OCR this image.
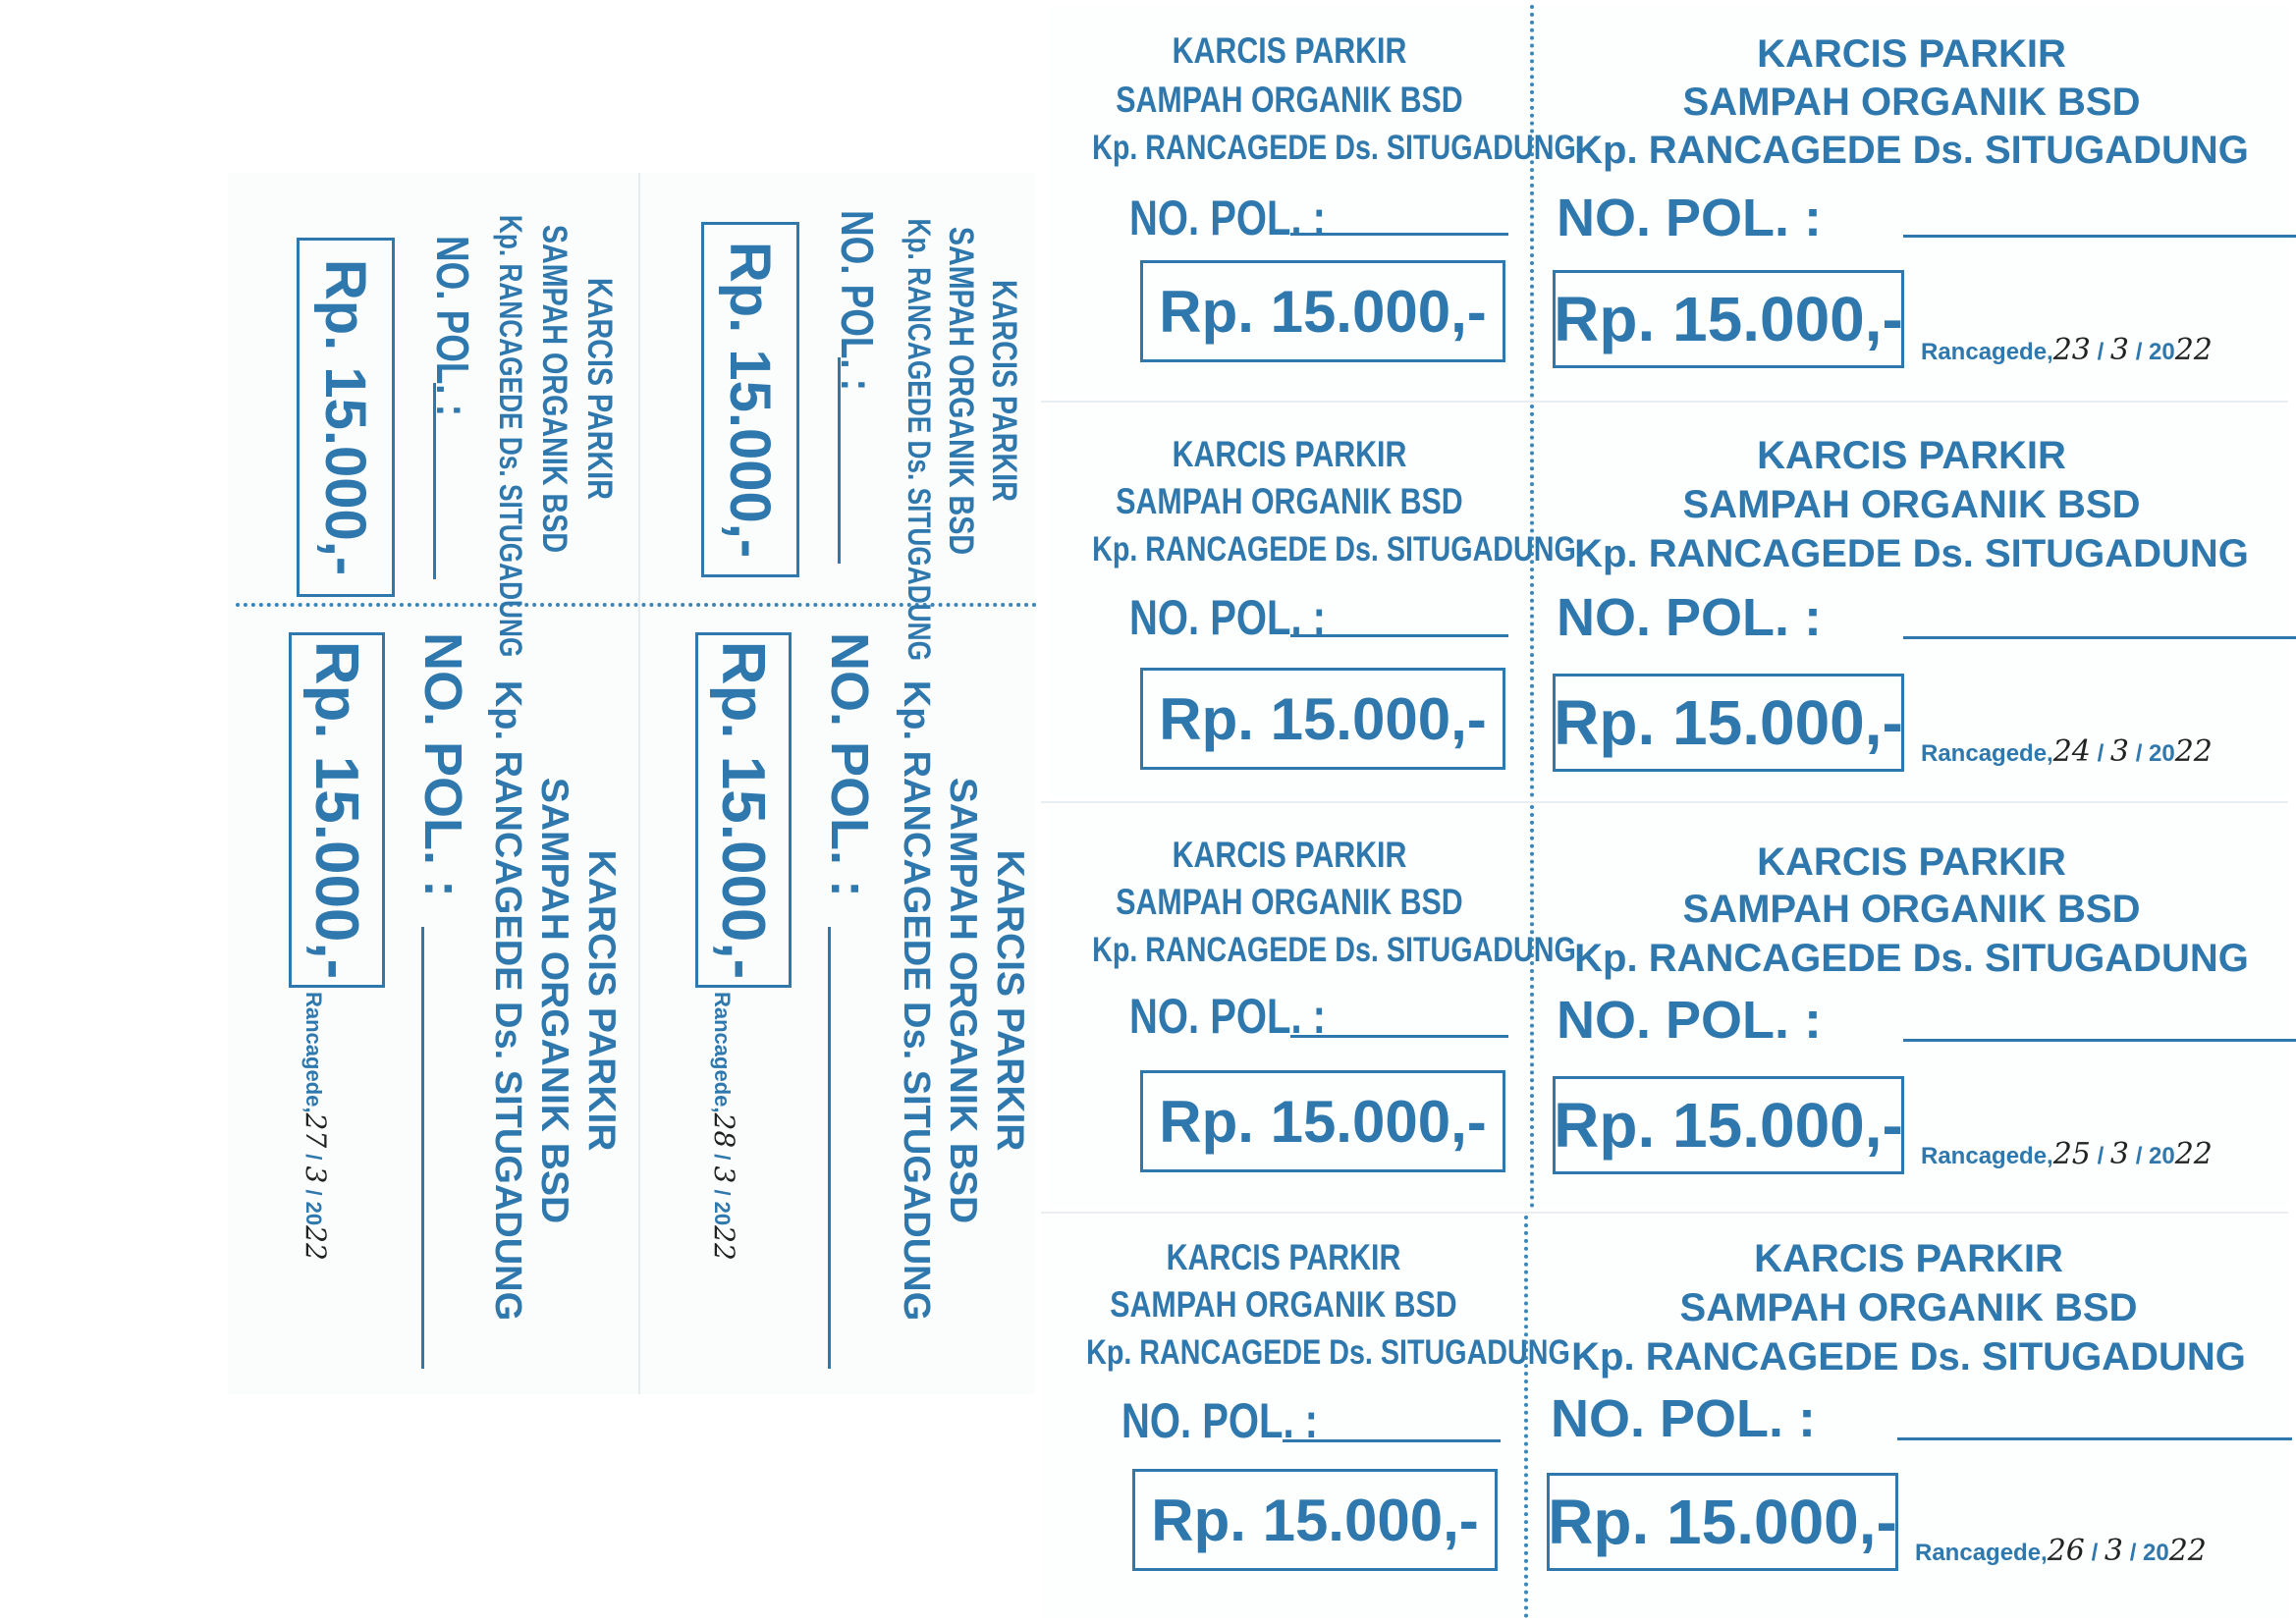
KARCIS PARKIR
SAMPAH ORGANIK BSD
Kp. RANCAGEDE Ds. SITUGADUNG
NO. POL. :
Rp. 15.000,-
KARCIS PARKIR
SAMPAH ORGANIK BSD
Kp. RANCAGEDE Ds. SITUGADUNG
NO. POL. :
Rp. 15.000,- Rancagede,23 / 3 / 2022
KARCIS PARKIR
SAMPAH ORGANIK BSD
Kp. RANCAGEDE Ds. SITUGADUNG
NO. POL. :
Rp. 15.000,-
KARCIS PARKIR
SAMPAH ORGANIK BSD
Kp. RANCAGEDE Ds. SITUGADUNG
NO. POL. :
Rp. 15.000,- Rancagede,24 / 3 / 2022
KARCIS PARKIR
SAMPAH ORGANIK BSD
Kp. RANCAGEDE Ds. SITUGADUNG
NO. POL. :
Rp. 15.000,-
KARCIS PARKIR
SAMPAH ORGANIK BSD
Kp. RANCAGEDE Ds. SITUGADUNG
NO. POL. :
Rp. 15.000,- Rancagede,25 / 3 / 2022
KARCIS PARKIR
SAMPAH ORGANIK BSD
Kp. RANCAGEDE Ds. SITUGADUNG
NO. POL. :
Rp. 15.000,-
KARCIS PARKIR
SAMPAH ORGANIK BSD
Kp. RANCAGEDE Ds. SITUGADUNG
NO. POL. :
Rp. 15.000,- Rancagede,26 / 3 / 2022
KARCIS PARKIR
SAMPAH ORGANIK BSD
Kp. RANCAGEDE Ds. SITUGADUNG
NO. POL. :
Rp. 15.000,-	KARCIS PARKIR
SAMPAH ORGANIK BSD
Kp. RANCAGEDE Ds. SITUGADUNG
NO. POL. :
Rp. 15.000,-
KARCIS PARKIR
SAMPAH ORGANIK BSD
Kp. RANCAGEDE Ds. SITUGADUNG
NO. POL. :
Rp. 15.000,-
Rancagede,27 / 3 / 2022
KARCIS PARKIR
SAMPAH ORGANIK BSD
Kp. RANCAGEDE Ds. SITUGADUNG
NO. POL. :
Rp. 15.000,-
Rancagede,28 / 3 / 2022
